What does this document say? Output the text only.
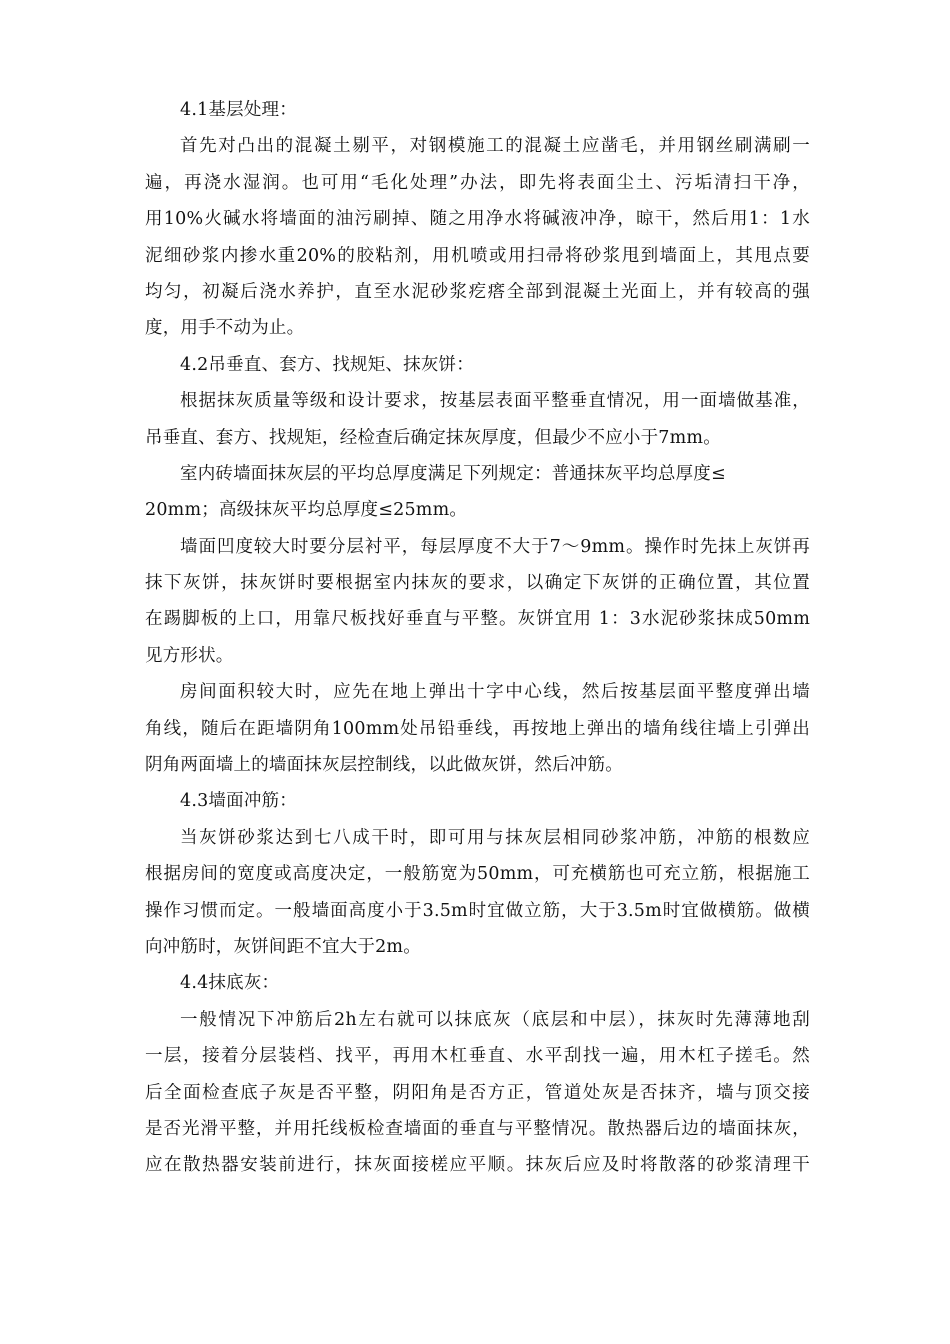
4.1基层处理：
首先对凸出的混凝土剔平，对钢模施工的混凝土应凿毛，并用钢丝刷满刷一
遍，再浇水湿润。也可用“毛化处理”办法，即先将表面尘土、污垢清扫干净，
用10%火碱水将墙面的油污刷掉、随之用净水将碱液冲净，晾干，然后用1：1水
泥细砂浆内掺水重20%的胶粘剂，用机喷或用扫帚将砂浆甩到墙面上，其甩点要
均匀，初凝后浇水养护，直至水泥砂浆疙瘩全部到混凝土光面上，并有较高的强
度，用手不动为止。
4.2吊垂直、套方、找规矩、抹灰饼：
根据抹灰质量等级和设计要求，按基层表面平整垂直情况，用一面墙做基准，
吊垂直、套方、找规矩，经检查后确定抹灰厚度，但最少不应小于7mm。
室内砖墙面抹灰层的平均总厚度满足下列规定：普通抹灰平均总厚度≤
20mm；高级抹灰平均总厚度≤25mm。
墙面凹度较大时要分层衬平，每层厚度不大于7～9mm。操作时先抹上灰饼再
抹下灰饼，抹灰饼时要根据室内抹灰的要求，以确定下灰饼的正确位置，其位置
在踢脚板的上口，用靠尺板找好垂直与平整。灰饼宜用 1：3水泥砂浆抹成50mm
见方形状。
房间面积较大时，应先在地上弹出十字中心线，然后按基层面平整度弹出墙
角线，随后在距墙阴角100mm处吊铅垂线，再按地上弹出的墙角线往墙上引弹出
阴角两面墙上的墙面抹灰层控制线，以此做灰饼，然后冲筋。
4.3墙面冲筋：
当灰饼砂浆达到七八成干时，即可用与抹灰层相同砂浆冲筋，冲筋的根数应
根据房间的宽度或高度决定，一般筋宽为50mm，可充横筋也可充立筋，根据施工
操作习惯而定。一般墙面高度小于3.5m时宜做立筋，大于3.5m时宜做横筋。做横
向冲筋时，灰饼间距不宜大于2m。
4.4抹底灰：
一般情况下冲筋后2h左右就可以抹底灰（底层和中层），抹灰时先薄薄地刮
一层，接着分层装档、找平，再用木杠垂直、水平刮找一遍，用木杠子搓毛。然
后全面检查底子灰是否平整，阴阳角是否方正，管道处灰是否抹齐，墙与顶交接
是否光滑平整，并用托线板检查墙面的垂直与平整情况。散热器后边的墙面抹灰，
应在散热器安装前进行，抹灰面接槎应平顺。抹灰后应及时将散落的砂浆清理干
